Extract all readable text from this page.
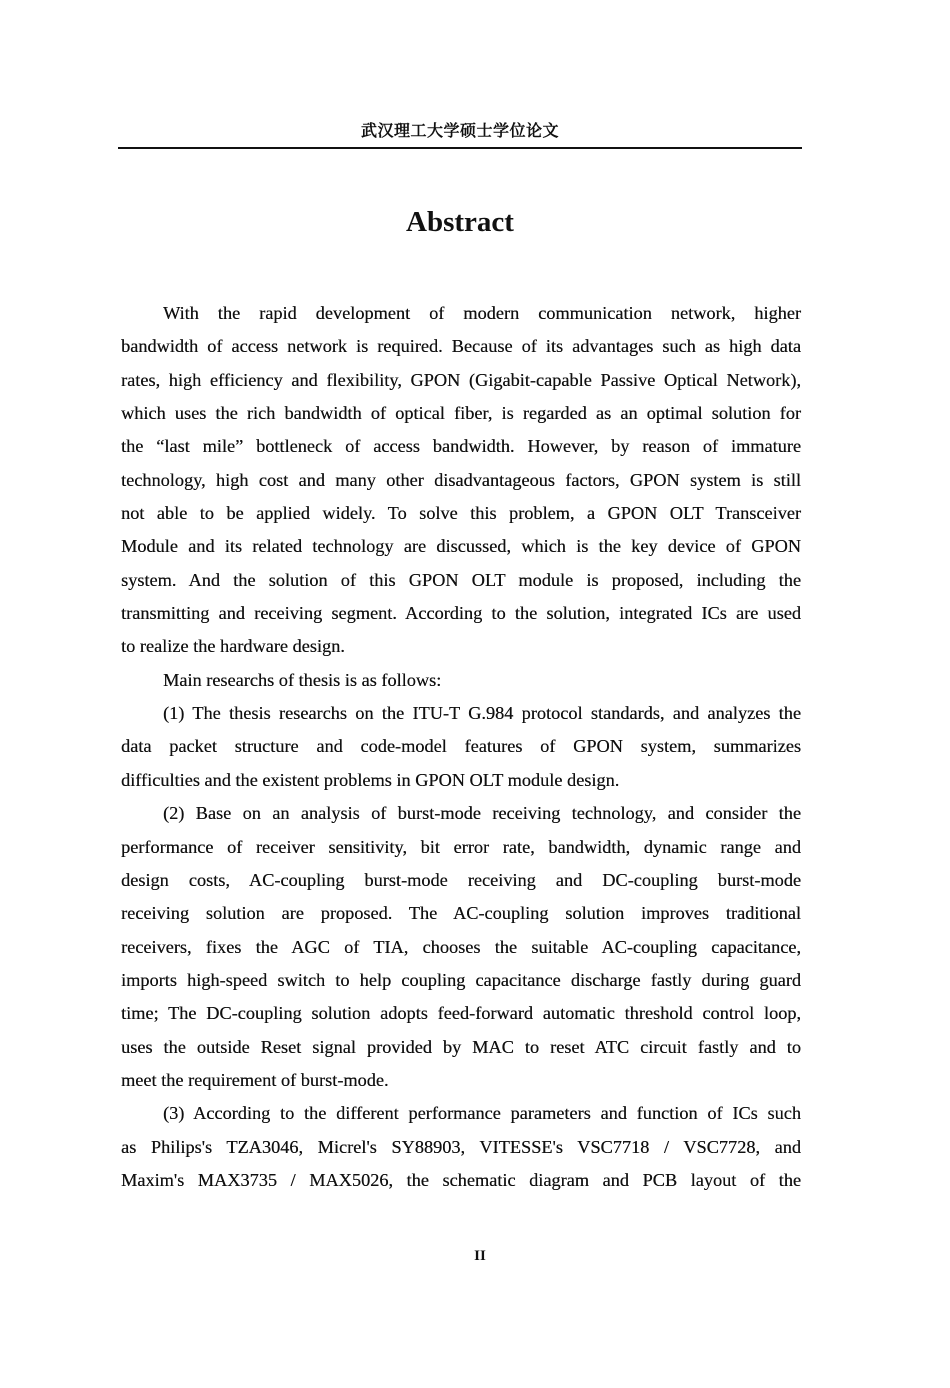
武汉理工大学硕士学位论文
Abstract
With the rapid development of modern communication network, higher
bandwidth of access network is required. Because of its advantages such as high data
rates, high efficiency and flexibility, GPON (Gigabit-capable Passive Optical Network),
which uses the rich bandwidth of optical fiber, is regarded as an optimal solution for
the “last mile” bottleneck of access bandwidth. However, by reason of immature
technology, high cost and many other disadvantageous factors, GPON system is still
not able to be applied widely. To solve this problem, a GPON OLT Transceiver
Module and its related technology are discussed, which is the key device of GPON
system. And the solution of this GPON OLT module is proposed, including the
transmitting and receiving segment. According to the solution, integrated ICs are used
to realize the hardware design.
Main researchs of thesis is as follows:
(1) The thesis researchs on the ITU-T G.984 protocol standards, and analyzes the
data packet structure and code-model features of GPON system, summarizes
difficulties and the existent problems in GPON OLT module design.
(2) Base on an analysis of burst-mode receiving technology, and consider the
performance of receiver sensitivity, bit error rate, bandwidth, dynamic range and
design costs, AC-coupling burst-mode receiving and DC-coupling burst-mode
receiving solution are proposed. The AC-coupling solution improves traditional
receivers, fixes the AGC of TIA, chooses the suitable AC-coupling capacitance,
imports high-speed switch to help coupling capacitance discharge fastly during guard
time; The DC-coupling solution adopts feed-forward automatic threshold control loop,
uses the outside Reset signal provided by MAC to reset ATC circuit fastly and to
meet the requirement of burst-mode.
(3) According to the different performance parameters and function of ICs such
as Philips's TZA3046, Micrel's SY88903, VITESSE's VSC7718 / VSC7728, and
Maxim's MAX3735 / MAX5026, the schematic diagram and PCB layout of the
II
